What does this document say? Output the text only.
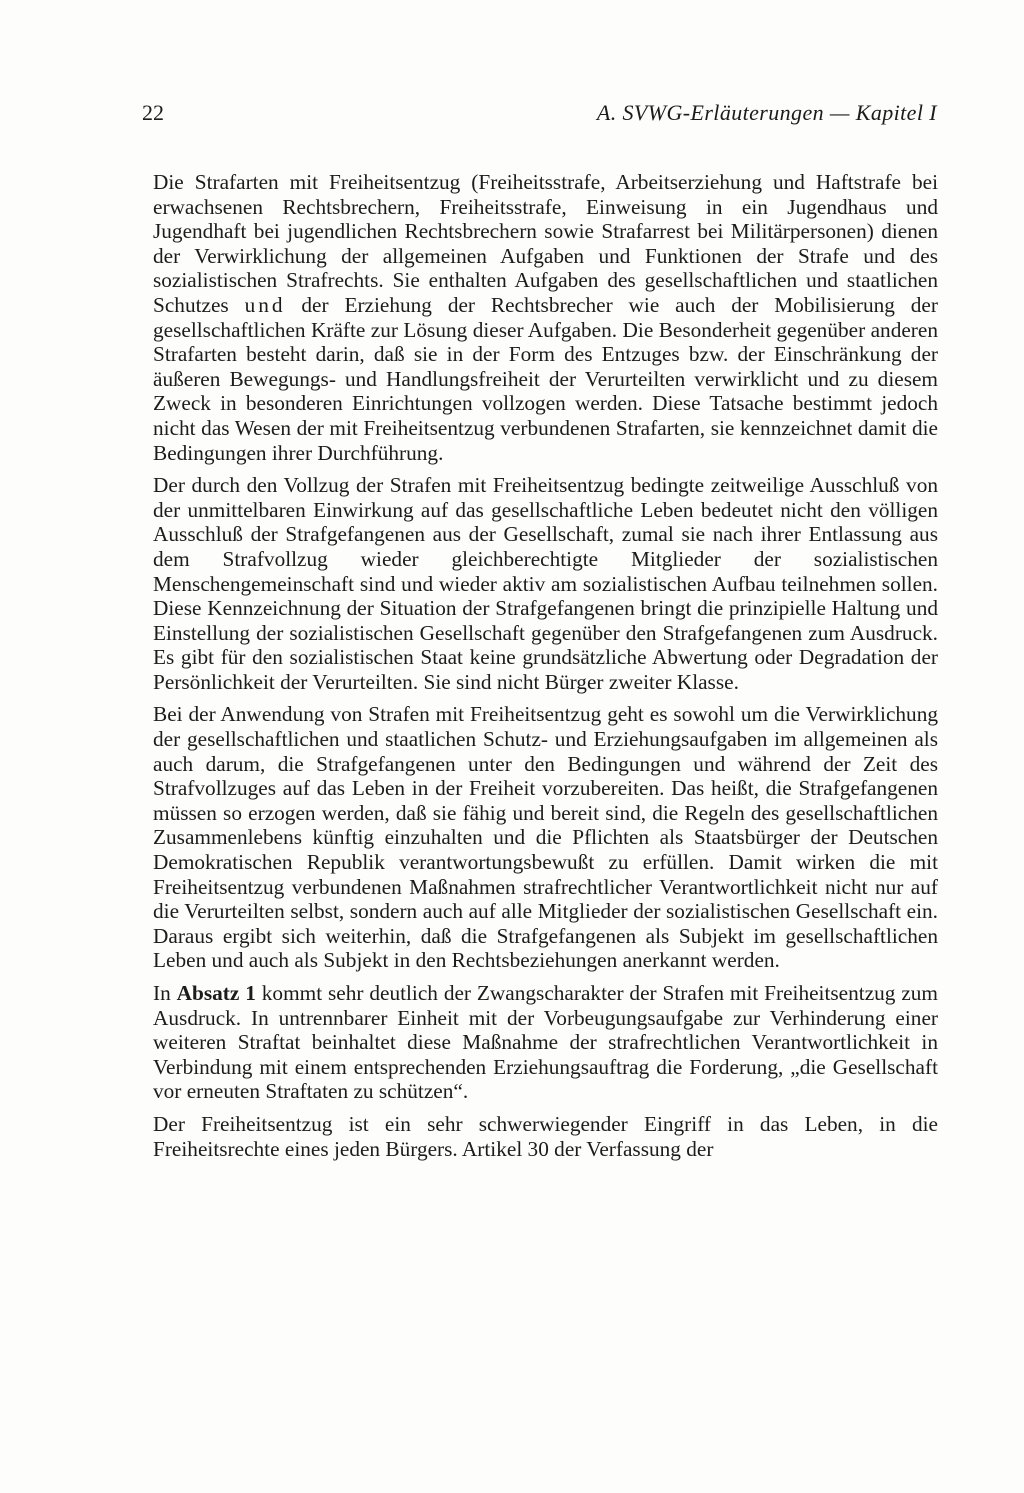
22	A. SVWG-Erläuterungen — Kapitel I

Die Strafarten mit Freiheitsentzug (Freiheitsstrafe, Arbeitserziehung und Haftstrafe bei erwachsenen Rechtsbrechern, Freiheitsstrafe, Einweisung in ein Jugendhaus und Jugendhaft bei jugendlichen Rechtsbrechern sowie Strafarrest bei Militärpersonen) dienen der Verwirklichung der allgemeinen Aufgaben und Funktionen der Strafe und des sozialistischen Strafrechts. Sie enthalten Aufgaben des gesellschaftlichen und staatlichen Schutzes und der Erziehung der Rechtsbrecher wie auch der Mobilisierung der gesellschaftlichen Kräfte zur Lösung dieser Aufgaben. Die Besonderheit gegenüber anderen Strafarten besteht darin, daß sie in der Form des Entzuges bzw. der Einschränkung der äußeren Bewegungs- und Handlungsfreiheit der Verurteilten verwirklicht und zu diesem Zweck in besonderen Einrichtungen vollzogen werden. Diese Tatsache bestimmt jedoch nicht das Wesen der mit Freiheitsentzug verbundenen Strafarten, sie kennzeichnet damit die Bedingungen ihrer Durchführung.

Der durch den Vollzug der Strafen mit Freiheitsentzug bedingte zeitweilige Ausschluß von der unmittelbaren Einwirkung auf das gesellschaftliche Leben bedeutet nicht den völligen Ausschluß der Strafgefangenen aus der Gesellschaft, zumal sie nach ihrer Entlassung aus dem Strafvollzug wieder gleichberechtigte Mitglieder der sozialistischen Menschengemeinschaft sind und wieder aktiv am sozialistischen Aufbau teilnehmen sollen. Diese Kennzeichnung der Situation der Strafgefangenen bringt die prinzipielle Haltung und Einstellung der sozialistischen Gesellschaft gegenüber den Strafgefangenen zum Ausdruck. Es gibt für den sozialistischen Staat keine grundsätzliche Abwertung oder Degradation der Persönlichkeit der Verurteilten. Sie sind nicht Bürger zweiter Klasse.

Bei der Anwendung von Strafen mit Freiheitsentzug geht es sowohl um die Verwirklichung der gesellschaftlichen und staatlichen Schutz- und Erziehungsaufgaben im allgemeinen als auch darum, die Strafgefangenen unter den Bedingungen und während der Zeit des Strafvollzuges auf das Leben in der Freiheit vorzubereiten. Das heißt, die Strafgefangenen müssen so erzogen werden, daß sie fähig und bereit sind, die Regeln des gesellschaftlichen Zusammenlebens künftig einzuhalten und die Pflichten als Staatsbürger der Deutschen Demokratischen Republik verantwortungsbewußt zu erfüllen. Damit wirken die mit Freiheitsentzug verbundenen Maßnahmen strafrechtlicher Verantwortlichkeit nicht nur auf die Verurteilten selbst, sondern auch auf alle Mitglieder der sozialistischen Gesellschaft ein. Daraus ergibt sich weiterhin, daß die Strafgefangenen als Subjekt im gesellschaftlichen Leben und auch als Subjekt in den Rechtsbeziehungen anerkannt werden.

In Absatz 1 kommt sehr deutlich der Zwangscharakter der Strafen mit Freiheitsentzug zum Ausdruck. In untrennbarer Einheit mit der Vorbeugungsaufgabe zur Verhinderung einer weiteren Straftat beinhaltet diese Maßnahme der strafrechtlichen Verantwortlichkeit in Verbindung mit einem entsprechenden Erziehungsauftrag die Forderung, „die Gesellschaft vor erneuten Straftaten zu schützen“.

Der Freiheitsentzug ist ein sehr schwerwiegender Eingriff in das Leben, in die Freiheitsrechte eines jeden Bürgers. Artikel 30 der Verfassung der
